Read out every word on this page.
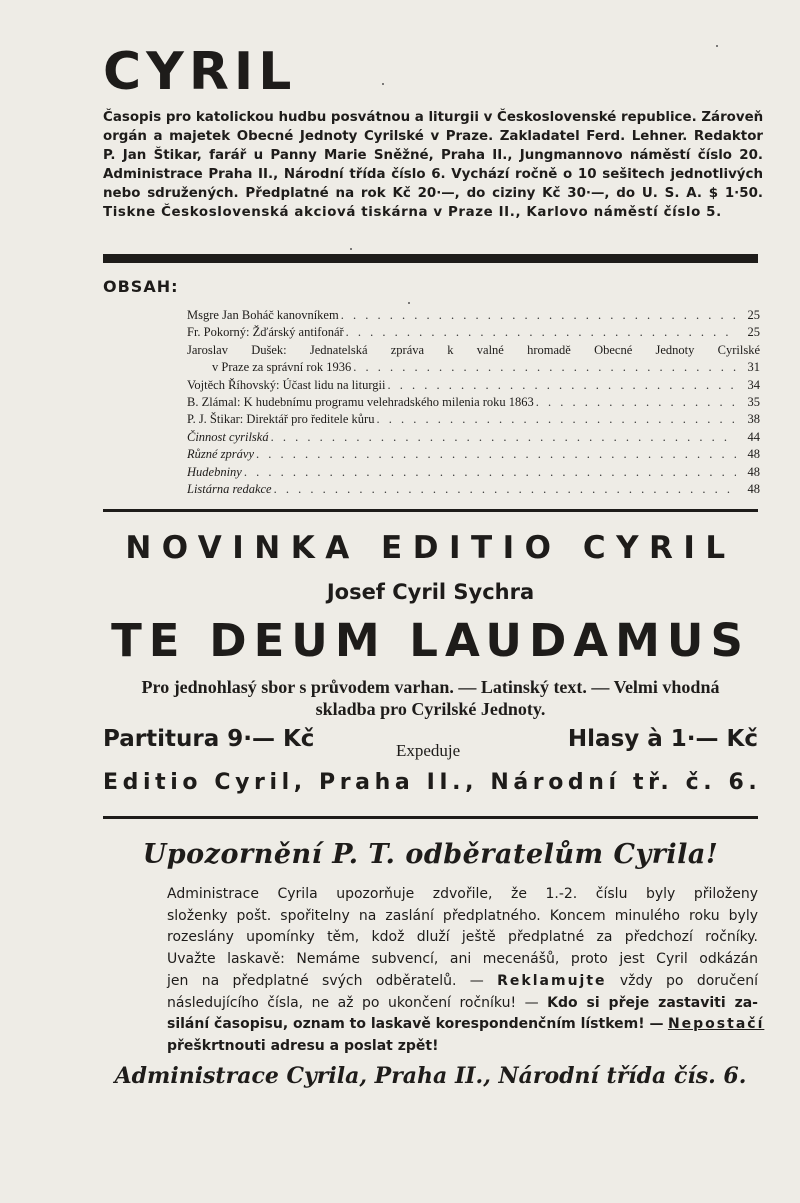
CYRIL
Časopis pro katolickou hudbu posvátnou a liturgii v Československé republice. Zároveň
orgán a majetek Obecné Jednoty Cyrilské v Praze. Zakladatel Ferd. Lehner. Redaktor
P. Jan Štikar, farář u Panny Marie Sněžné, Praha II., Jungmannovo náměstí číslo 20.
Administrace Praha II., Národní třída číslo 6. Vychází ročně o 10 sešitech jednotlivých
nebo sdružených. Předplatné na rok Kč 20·—, do ciziny Kč 30·—, do U. S. A. $ 1·50.
Tiskne Československá akciová tiskárna v Praze II., Karlovo náměstí číslo 5.
OBSAH:
Msgre Jan Boháč kanovníkem . . .	25
Fr. Pokorný: Žďárský antifonář . . .	25
Jaroslav Dušek: Jednatelská zpráva k valné hromadě Obecné Jednoty Cyrilské
v Praze za správní rok 1936 . . .	31
Vojtěch Říhovský: Účast lidu na liturgii . . .	34
B. Zlámal: K hudebnímu programu velehradského milenia roku 1863 . . .	35
P. J. Štikar: Direktář pro ředitele kůru . . .	38
Činnost cyrilská . . .	44
Různé zprávy . . .	48
Hudebniny . . .	48
Listárna redakce . . .	48
NOVINKA EDITIO CYRIL
Josef Cyril Sychra
TE DEUM LAUDAMUS
Pro jednohlasý sbor s průvodem varhan. — Latinský text. — Velmi vhodná
skladba pro Cyrilské Jednoty.
Partitura 9·— Kč	Expeduje	Hlasy à 1·— Kč
Editio Cyril, Praha II., Národní tř. č. 6.
Upozornění P. T. odběratelům Cyrila!
Administrace Cyrila upozorňuje zdvořile, že 1.-2. číslu byly přiloženy
složenky pošt. spořitelny na zaslání předplatného. Koncem minulého roku byly
rozeslány upomínky těm, kdož dluží ještě předplatné za předchozí ročníky.
Uvažte laskavě: Nemáme subvencí, ani mecenášů, proto jest Cyril odkázán
jen na předplatné svých odběratelů. — Reklamujte vždy po doručení
následujícího čísla, ne až po ukončení ročníku! — Kdo si přeje zastaviti za-
silání časopisu, oznam to laskavě korespondenčním lístkem! — Nepostačí
přeškrtnouti adresu a poslat zpět!
Administrace Cyrila, Praha II., Národní třída čís. 6.
